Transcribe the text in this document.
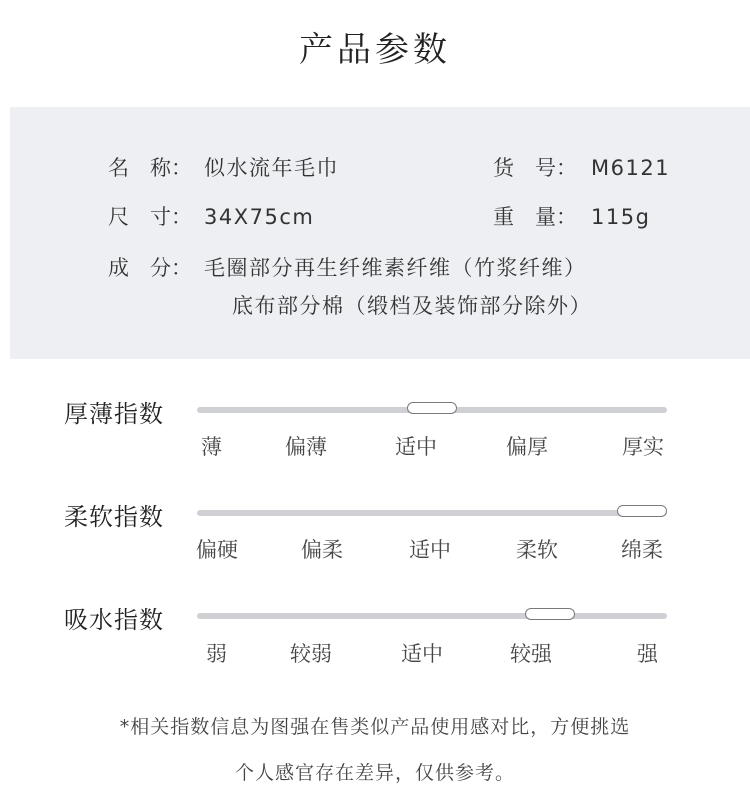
产品参数
名　称： 似水流年毛巾	货　号： M6121
尺　寸： 34X75cm	重　量： 115g
成　分： 毛圈部分再生纤维素纤维（竹浆纤维）
底布部分棉（缎档及装饰部分除外）
厚薄指数
薄	偏薄	适中	偏厚	厚实
柔软指数
偏硬	偏柔	适中	柔软	绵柔
吸水指数
弱	较弱	适中	较强	强
*相关指数信息为图强在售类似产品使用感对比，方便挑选
个人感官存在差异，仅供参考。
